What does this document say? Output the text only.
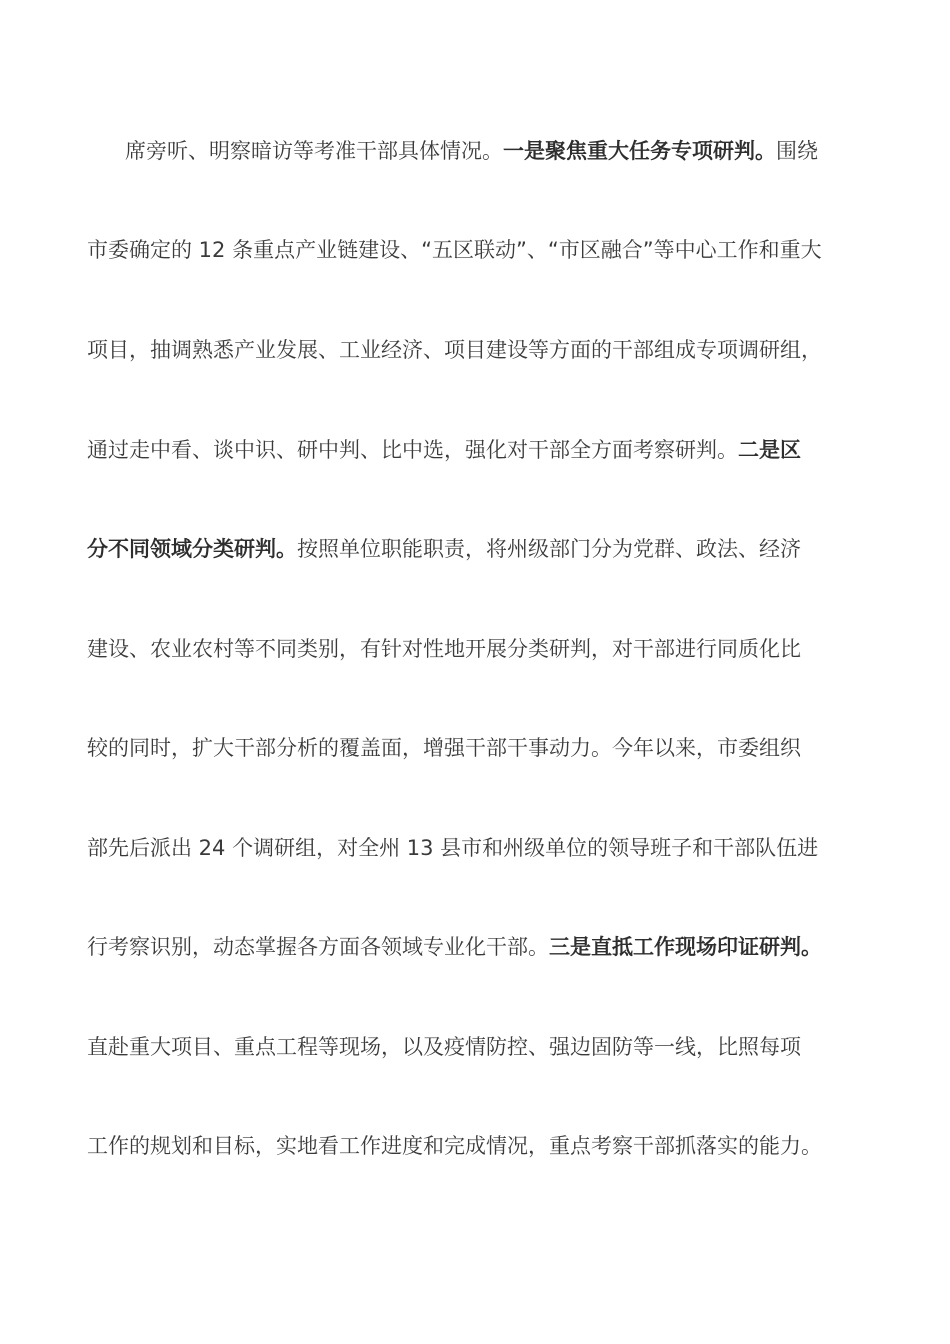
席旁听、明察暗访等考准干部具体情况。一是聚焦重大任务专项研判。围绕
市委确定的 12 条重点产业链建设、“五区联动”、“市区融合”等中心工作和重大
项目，抽调熟悉产业发展、工业经济、项目建设等方面的干部组成专项调研组，
通过走中看、谈中识、研中判、比中选，强化对干部全方面考察研判。二是区
分不同领域分类研判。按照单位职能职责，将州级部门分为党群、政法、经济
建设、农业农村等不同类别，有针对性地开展分类研判，对干部进行同质化比
较的同时，扩大干部分析的覆盖面，增强干部干事动力。今年以来，市委组织
部先后派出 24 个调研组，对全州 13 县市和州级单位的领导班子和干部队伍进
行考察识别，动态掌握各方面各领域专业化干部。三是直抵工作现场印证研判。
直赴重大项目、重点工程等现场，以及疫情防控、强边固防等一线，比照每项
工作的规划和目标，实地看工作进度和完成情况，重点考察干部抓落实的能力。
